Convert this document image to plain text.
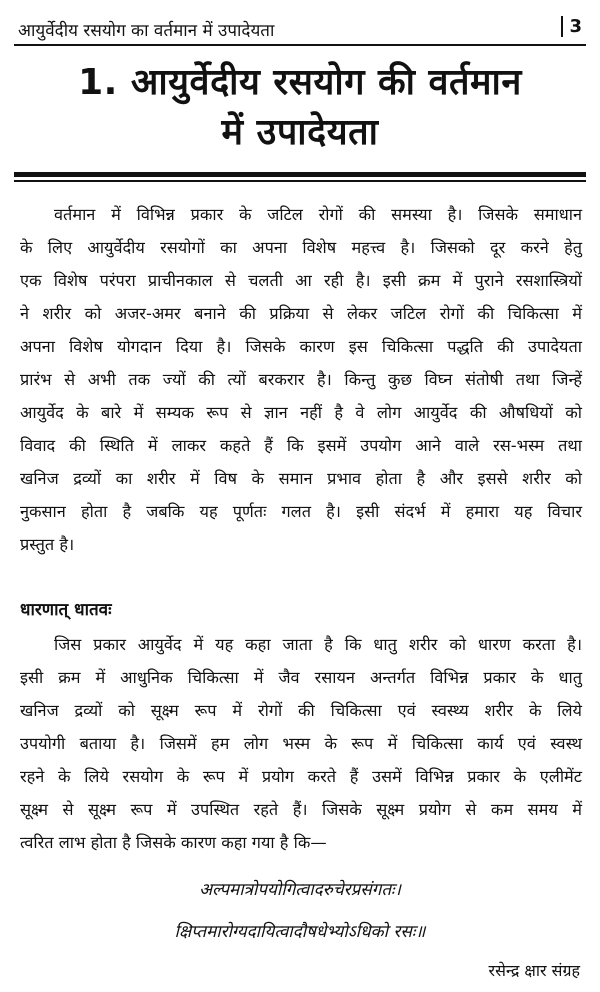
आयुर्वेदीय रसयोग का वर्तमान में उपादेयता	3
1. आयुर्वेदीय रसयोग की वर्तमान
में उपादेयता
वर्तमान में विभिन्न प्रकार के जटिल रोगों की समस्या है। जिसके समाधान
के लिए आयुर्वेदीय रसयोगों का अपना विशेष महत्त्व है। जिसको दूर करने हेतु
एक विशेष परंपरा प्राचीनकाल से चलती आ रही है। इसी क्रम में पुराने रसशास्त्रियों
ने शरीर को अजर-अमर बनाने की प्रक्रिया से लेकर जटिल रोगों की चिकित्सा में
अपना विशेष योगदान दिया है। जिसके कारण इस चिकित्सा पद्धति की उपादेयता
प्रारंभ से अभी तक ज्यों की त्यों बरकरार है। किन्तु कुछ विघ्न संतोषी तथा जिन्हें
आयुर्वेद के बारे में सम्यक रूप से ज्ञान नहीं है वे लोग आयुर्वेद की औषधियों को
विवाद की स्थिति में लाकर कहते हैं कि इसमें उपयोग आने वाले रस-भस्म तथा
खनिज द्रव्यों का शरीर में विष के समान प्रभाव होता है और इससे शरीर को
नुकसान होता है जबकि यह पूर्णतः गलत है। इसी संदर्भ में हमारा यह विचार
प्रस्तुत है।
धारणात् धातवः
जिस प्रकार आयुर्वेद में यह कहा जाता है कि धातु शरीर को धारण करता है।
इसी क्रम में आधुनिक चिकित्सा में जैव रसायन अन्तर्गत विभिन्न प्रकार के धातु
खनिज द्रव्यों को सूक्ष्म रूप में रोगों की चिकित्सा एवं स्वस्थ्य शरीर के लिये
उपयोगी बताया है। जिसमें हम लोग भस्म के रूप में चिकित्सा कार्य एवं स्वस्थ
रहने के लिये रसयोग के रूप में प्रयोग करते हैं उसमें विभिन्न प्रकार के एलीमेंट
सूक्ष्म से सूक्ष्म रूप में उपस्थित रहते हैं। जिसके सूक्ष्म प्रयोग से कम समय में
त्वरित लाभ होता है जिसके कारण कहा गया है कि—
अल्पमात्रोपयोगित्वादरुचेरप्रसंगतः।
क्षिप्तमारोग्यदायित्वादौषधेभ्योऽधिको रसः॥
रसेन्द्र क्षार संग्रह
